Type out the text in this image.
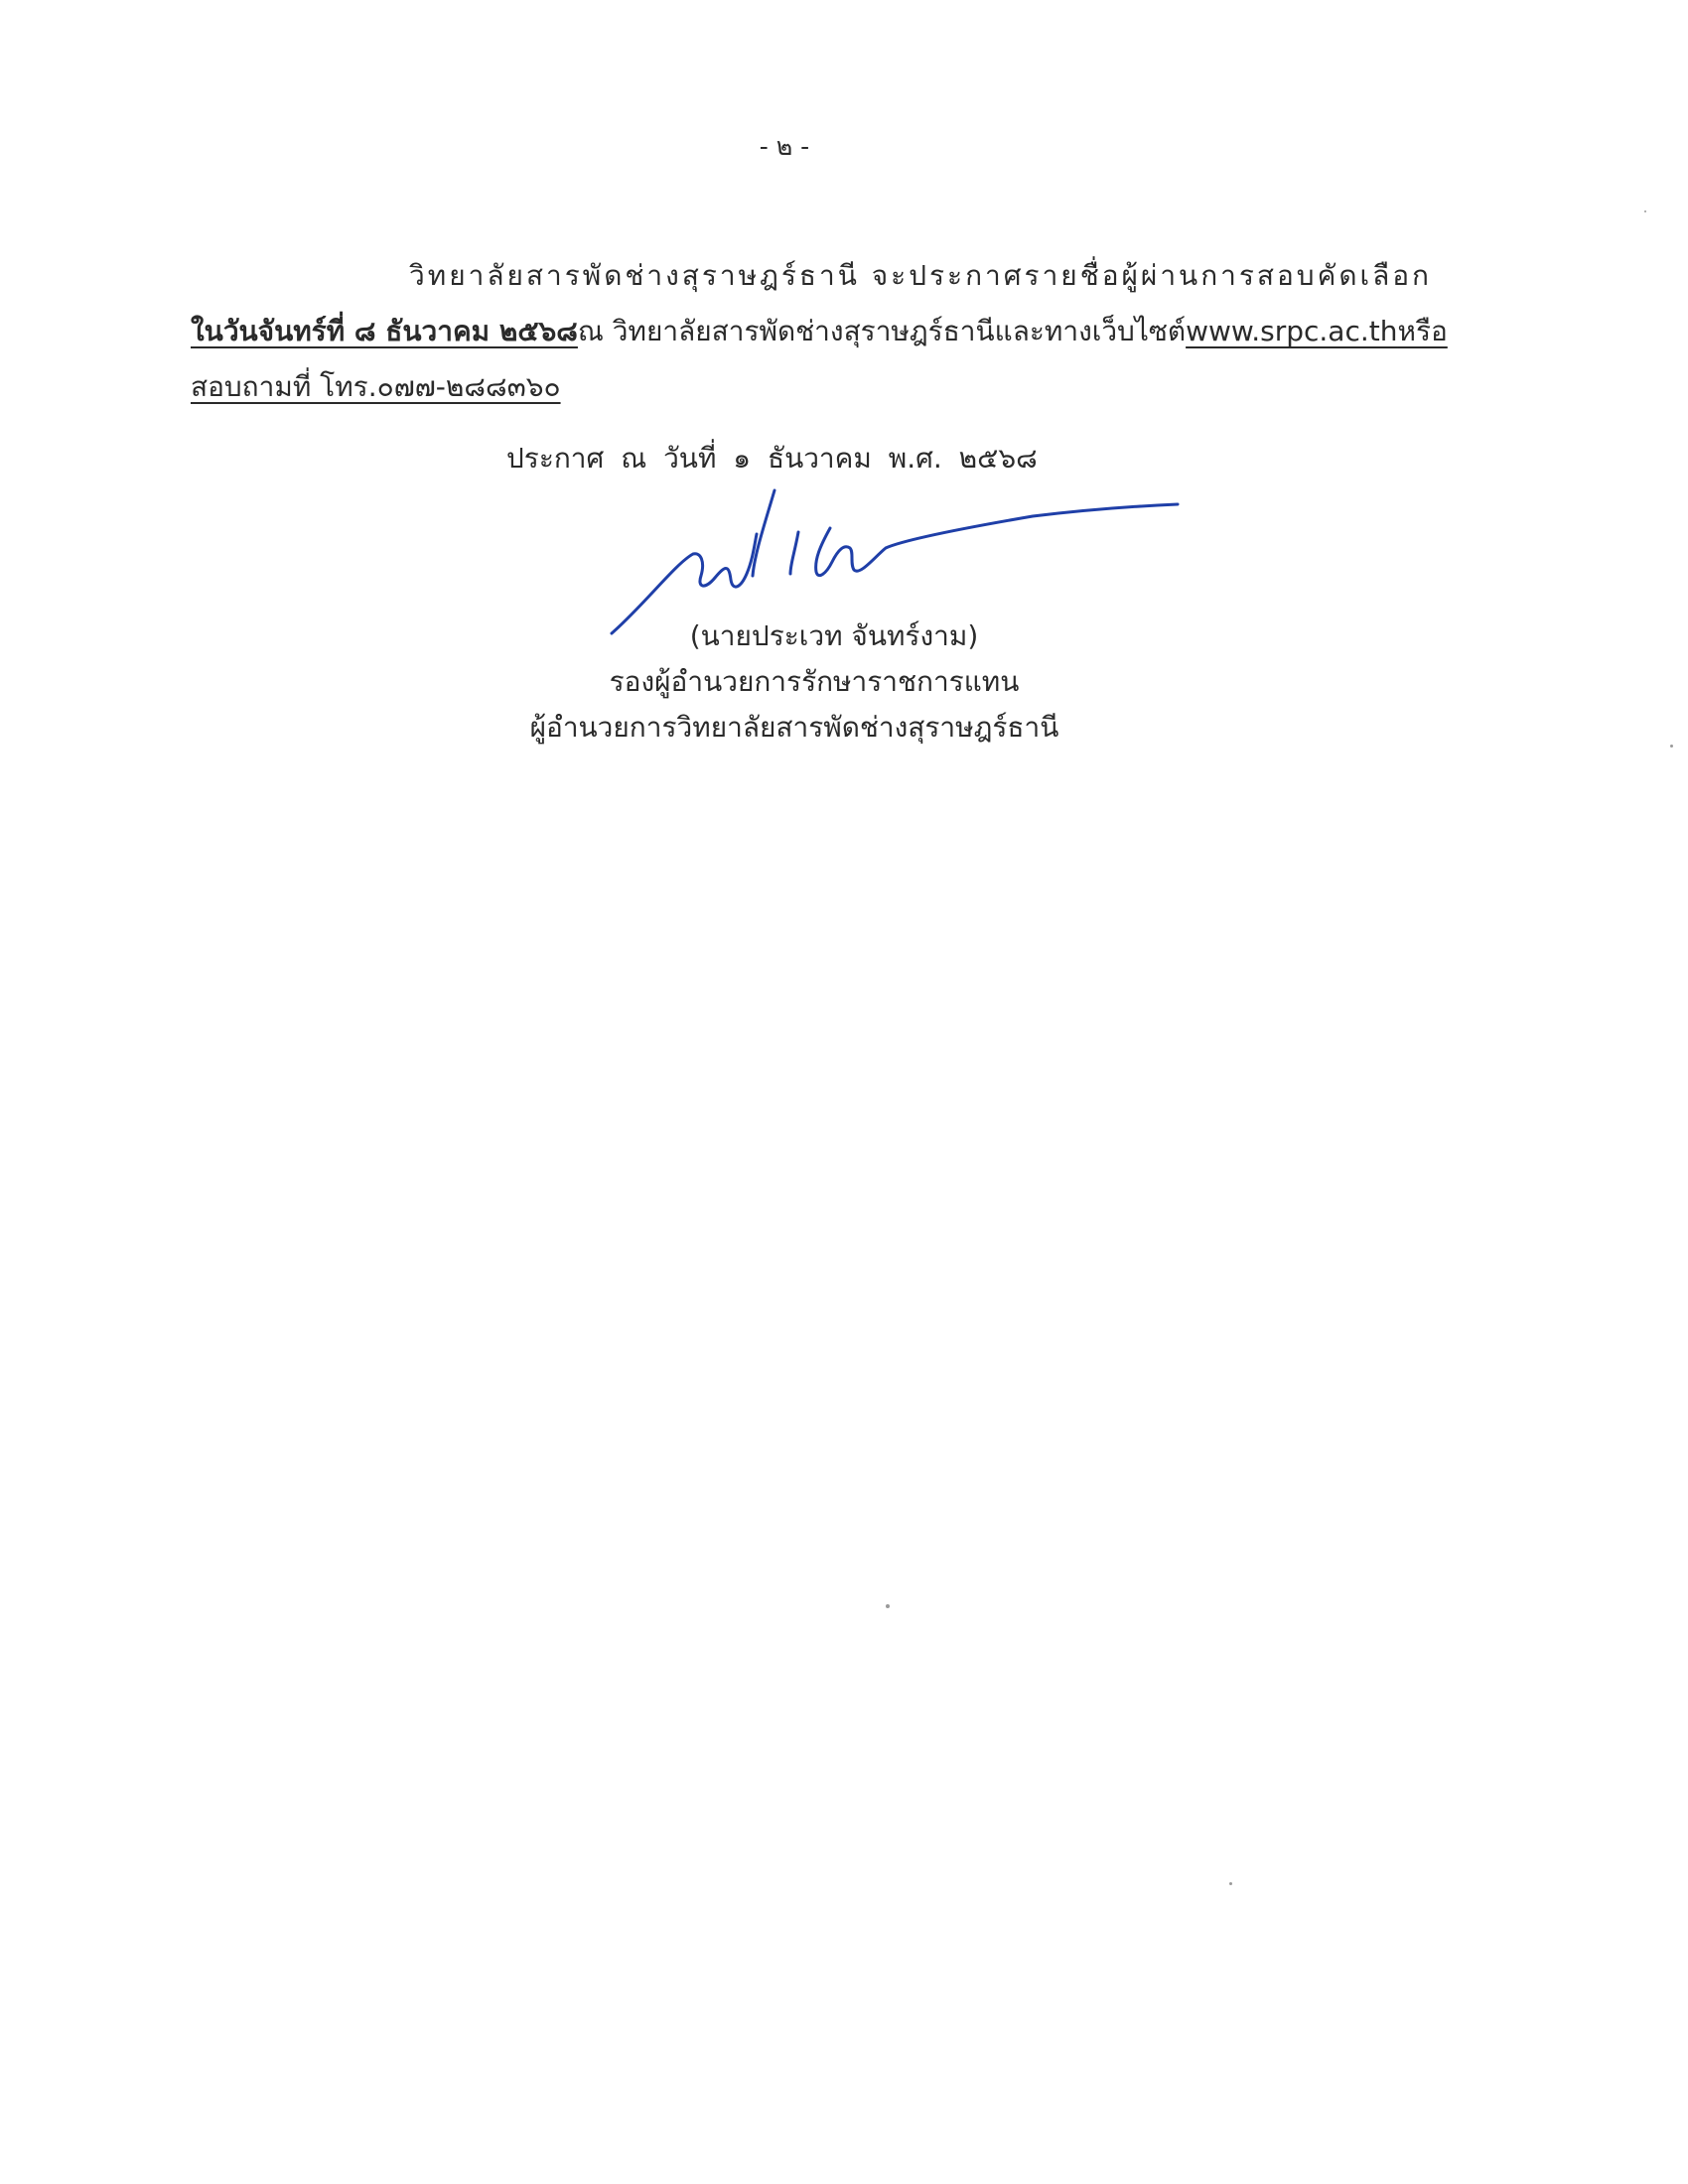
- ๒ -
วิทยาลัยสารพัดช่างสุราษฎร์ธานี จะประกาศรายชื่อผู้ผ่านการสอบคัดเลือก
ในวันจันทร์ที่ ๘ ธันวาคม ๒๕๖๘ ณ วิทยาลัยสารพัดช่างสุราษฎร์ธานีและทางเว็บไซต์ www.srpc.ac.th หรือ
สอบถามที่ โทร.๐๗๗-๒๘๘๓๖๐
ประกาศ ณ วันที่ ๑ ธันวาคม พ.ศ. ๒๕๖๘
(นายประเวท จันทร์งาม)
รองผู้อำนวยการรักษาราชการแทน
ผู้อำนวยการวิทยาลัยสารพัดช่างสุราษฎร์ธานี
